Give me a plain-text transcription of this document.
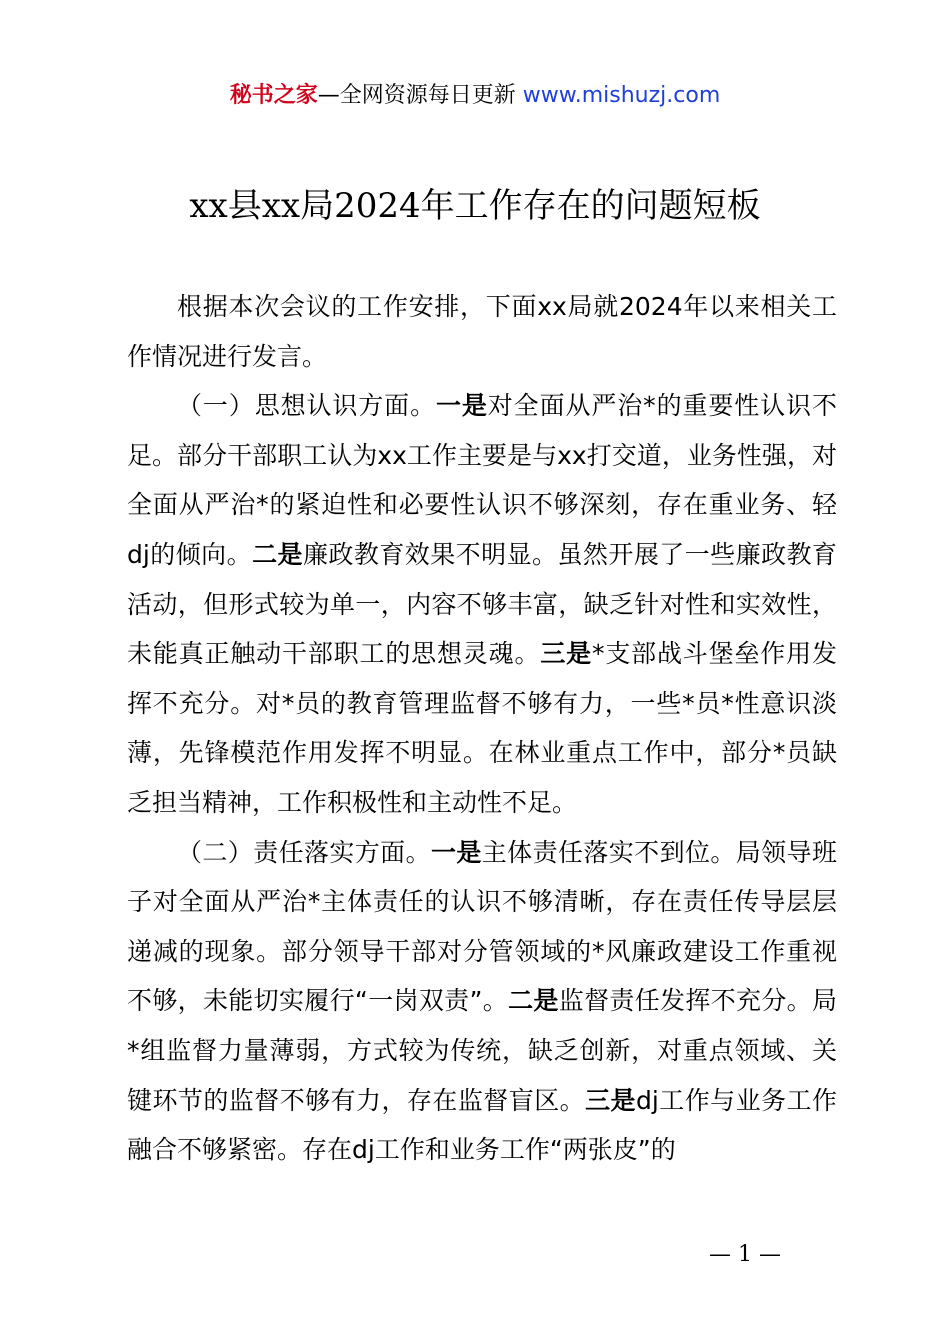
秘书之家—全网资源每日更新 www.mishuzj.com
xx县xx局2024年工作存在的问题短板

根据本次会议的工作安排，下面xx局就2024年以来相关工作情况进行发言。

（一）思想认识方面。一是对全面从严治*的重要性认识不足。部分干部职工认为xx工作主要是与xx打交道，业务性强，对全面从严治*的紧迫性和必要性认识不够深刻，存在重业务、轻dj的倾向。二是廉政教育效果不明显。虽然开展了一些廉政教育活动，但形式较为单一，内容不够丰富，缺乏针对性和实效性，未能真正触动干部职工的思想灵魂。三是*支部战斗堡垒作用发挥不充分。对*员的教育管理监督不够有力，一些*员*性意识淡薄，先锋模范作用发挥不明显。在林业重点工作中，部分*员缺乏担当精神，工作积极性和主动性不足。

（二）责任落实方面。一是主体责任落实不到位。局领导班子对全面从严治*主体责任的认识不够清晰，存在责任传导层层递减的现象。部分领导干部对分管领域的*风廉政建设工作重视不够，未能切实履行“一岗双责”。二是监督责任发挥不充分。局*组监督力量薄弱，方式较为传统，缺乏创新，对重点领域、关键环节的监督不够有力，存在监督盲区。三是dj工作与业务工作融合不够紧密。存在dj工作和业务工作“两张皮”的

— 1 —
